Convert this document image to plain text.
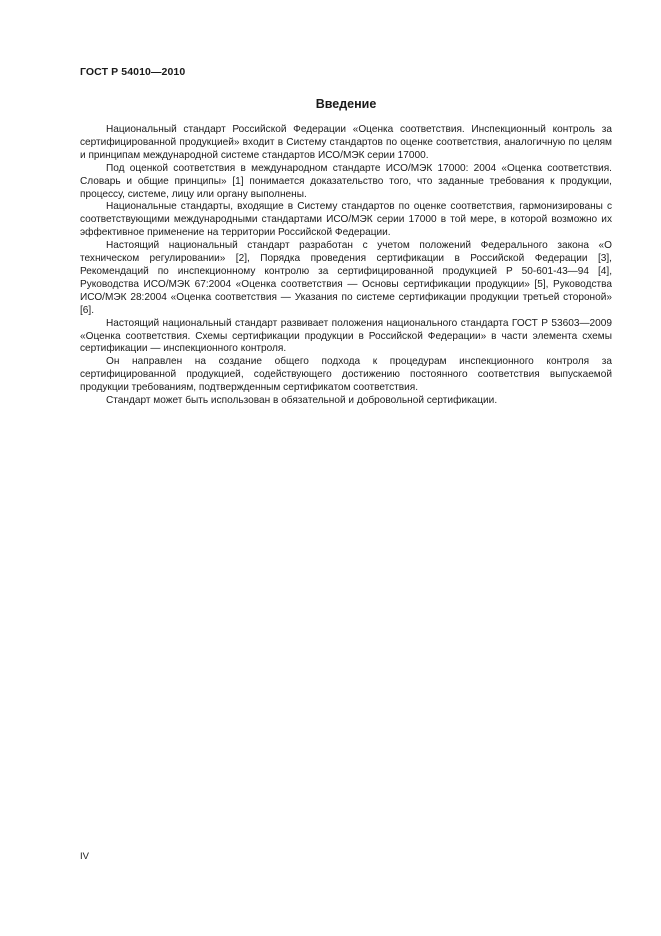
ГОСТ Р 54010—2010
Введение

Национальный стандарт Российской Федерации «Оценка соответствия. Инспекционный контроль за сертифицированной продукцией» входит в Систему стандартов по оценке соответствия, аналогичную по целям и принципам международной системе стандартов ИСО/МЭК серии 17000.

Под оценкой соответствия в международном стандарте ИСО/МЭК 17000: 2004 «Оценка соответствия. Словарь и общие принципы» [1] понимается доказательство того, что заданные требования к продукции, процессу, системе, лицу или органу выполнены.

Национальные стандарты, входящие в Систему стандартов по оценке соответствия, гармонизированы с соответствующими международными стандартами ИСО/МЭК серии 17000 в той мере, в которой возможно их эффективное применение на территории Российской Федерации.

Настоящий национальный стандарт разработан с учетом положений Федерального закона «О техническом регулировании» [2], Порядка проведения сертификации в Российской Федерации [3], Рекомендаций по инспекционному контролю за сертифицированной продукцией Р 50-601-43—94 [4], Руководства ИСО/МЭК 67:2004 «Оценка соответствия — Основы сертификации продукции» [5], Руководства ИСО/МЭК 28:2004 «Оценка соответствия — Указания по системе сертификации продукции третьей стороной» [6].

Настоящий национальный стандарт развивает положения национального стандарта ГОСТ Р 53603—2009 «Оценка соответствия. Схемы сертификации продукции в Российской Федерации» в части элемента схемы сертификации — инспекционного контроля.

Он направлен на создание общего подхода к процедурам инспекционного контроля за сертифицированной продукцией, содействующего достижению постоянного соответствия выпускаемой продукции требованиям, подтвержденным сертификатом соответствия.

Стандарт может быть использован в обязательной и добровольной сертификации.

IV
